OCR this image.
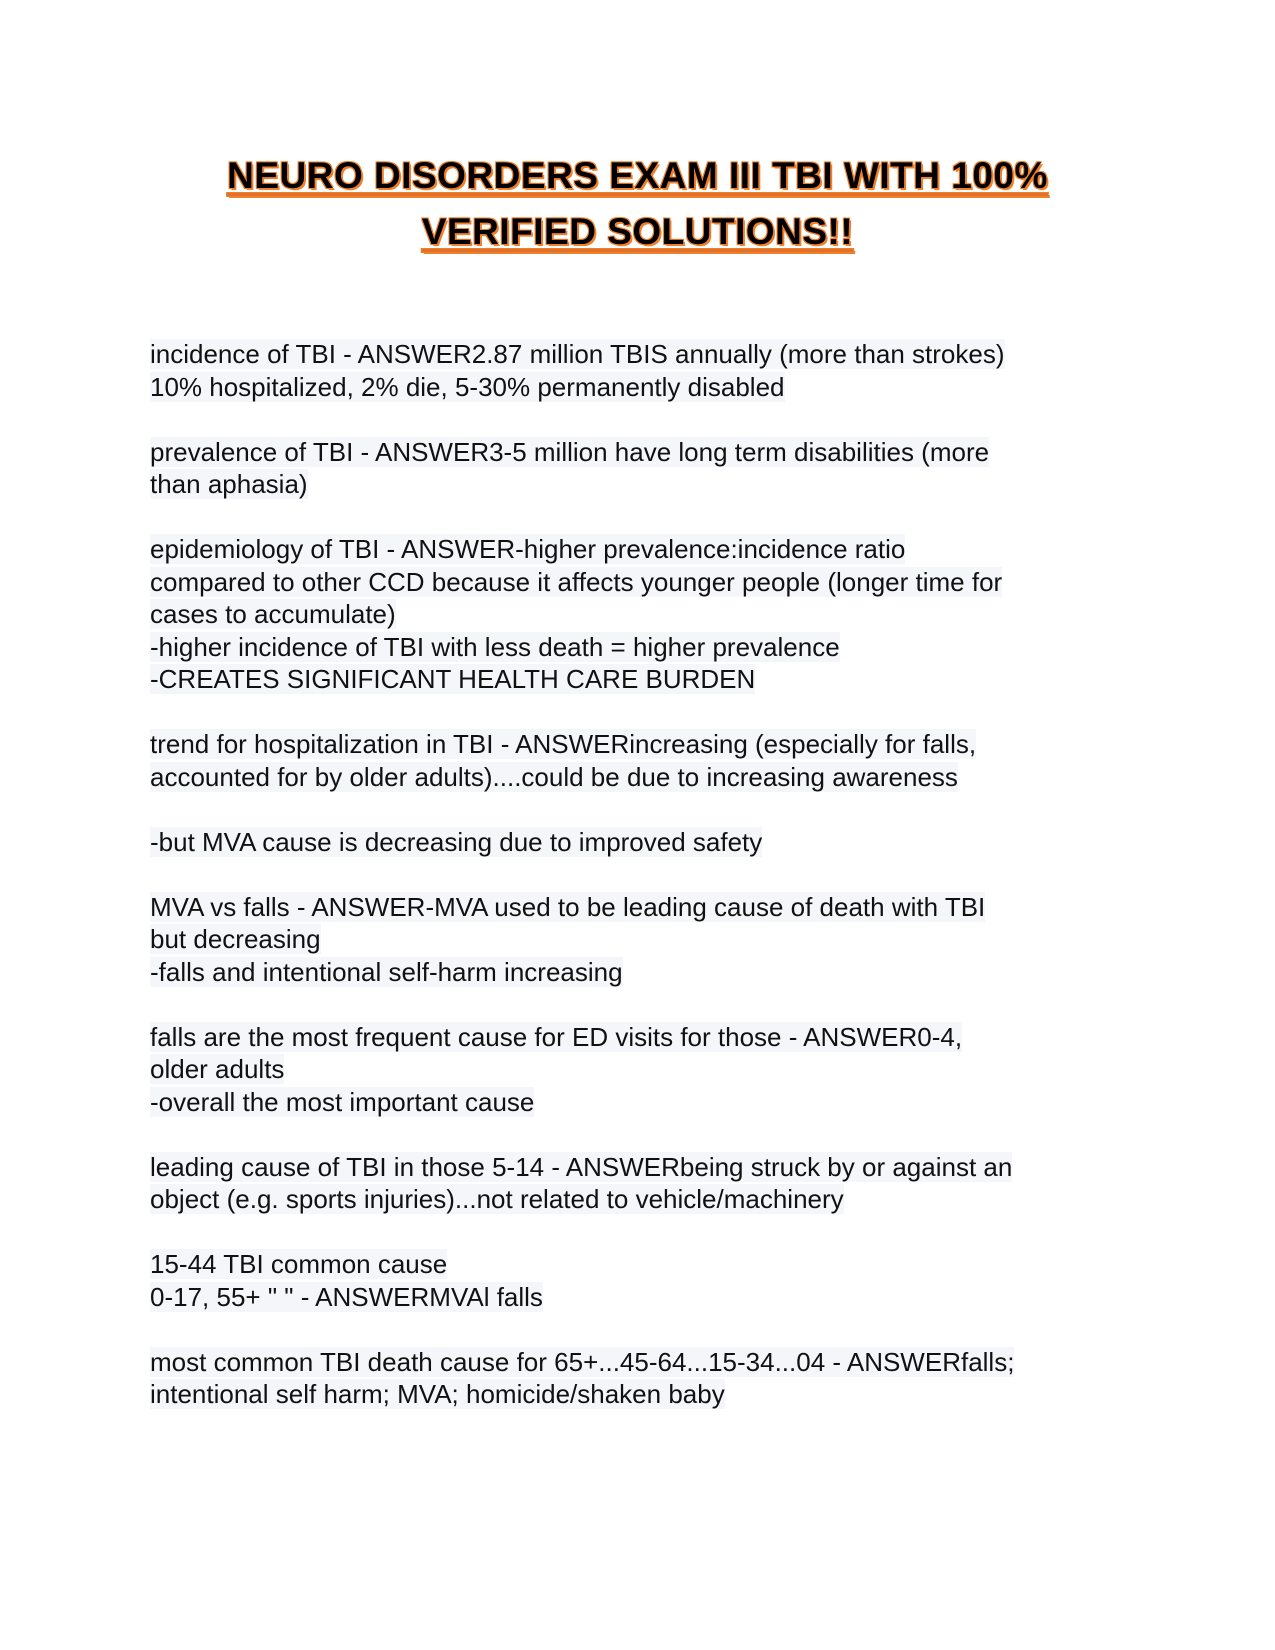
NEURO DISORDERS EXAM III TBI WITH 100%
VERIFIED SOLUTIONS!!
incidence of TBI - ANSWER2.87 million TBIS annually (more than strokes)
10% hospitalized, 2% die, 5-30% permanently disabled
prevalence of TBI - ANSWER3-5 million have long term disabilities (more
than aphasia)
epidemiology of TBI - ANSWER-higher prevalence:incidence ratio
compared to other CCD because it affects younger people (longer time for
cases to accumulate)
-higher incidence of TBI with less death = higher prevalence
-CREATES SIGNIFICANT HEALTH CARE BURDEN
trend for hospitalization in TBI - ANSWERincreasing (especially for falls,
accounted for by older adults)....could be due to increasing awareness
-but MVA cause is decreasing due to improved safety
MVA vs falls - ANSWER-MVA used to be leading cause of death with TBI
but decreasing
-falls and intentional self-harm increasing
falls are the most frequent cause for ED visits for those - ANSWER0-4,
older adults
-overall the most important cause
leading cause of TBI in those 5-14 - ANSWERbeing struck by or against an
object (e.g. sports injuries)...not related to vehicle/machinery
15-44 TBI common cause
0-17, 55+ " " - ANSWERMVAl falls
most common TBI death cause for 65+...45-64...15-34...04 - ANSWERfalls;
intentional self harm; MVA; homicide/shaken baby
